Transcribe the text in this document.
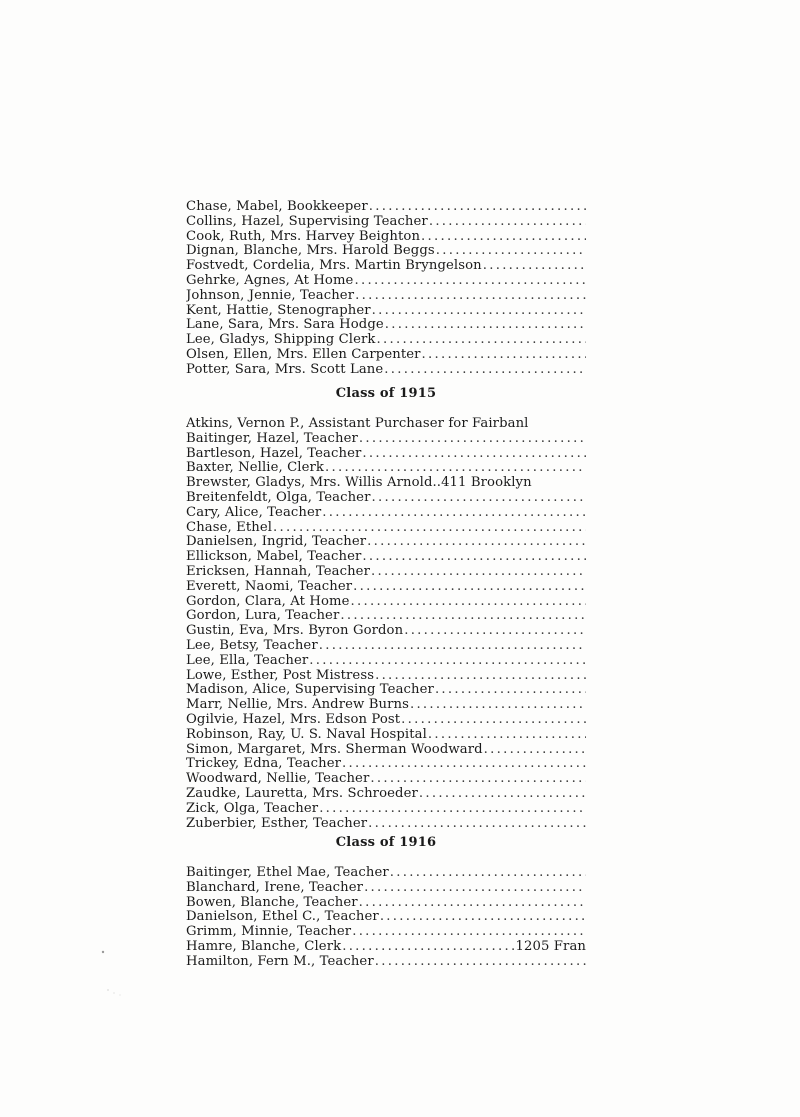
Chase, Mabel, Bookkeeper
.....
Collins, Hazel, Supervising Teacher
.....
Cook, Ruth, Mrs. Harvey Beighton
.....
Dignan, Blanche, Mrs. Harold Beggs
.....
Fostvedt, Cordelia, Mrs. Martin Bryngelson
.....
Gehrke, Agnes, At Home
.....
Johnson, Jennie, Teacher
.....
Kent, Hattie, Stenographer
.....
Lane, Sara, Mrs. Sara Hodge
.....
Lee, Gladys, Shipping Clerk
.....
Olsen, Ellen, Mrs. Ellen Carpenter
.....
Potter, Sara, Mrs. Scott Lane
.....
Class of 1915
Atkins, Vernon P., Assistant Purchaser for Fairbanl
Baitinger, Hazel, Teacher
.....
Bartleson, Hazel, Teacher
.....
Baxter, Nellie, Clerk
.....
Brewster, Gladys, Mrs. Willis Arnold..411 Brooklyn
Breitenfeldt, Olga, Teacher
.....
Cary, Alice, Teacher
.....
Chase, Ethel
.....
Danielsen, Ingrid, Teacher
.....
Ellickson, Mabel, Teacher
.....
Ericksen, Hannah, Teacher
.....
Everett, Naomi, Teacher
.....
Gordon, Clara, At Home
.....
Gordon, Lura, Teacher
.....
Gustin, Eva, Mrs. Byron Gordon
.....
Lee, Betsy, Teacher
.....
Lee, Ella, Teacher
.....
Lowe, Esther, Post Mistress
.....
Madison, Alice, Supervising Teacher
.....
Marr, Nellie, Mrs. Andrew Burns
.....
Ogilvie, Hazel, Mrs. Edson Post
.....
Robinson, Ray, U. S. Naval Hospital
.....
Simon, Margaret, Mrs. Sherman Woodward
.....
Trickey, Edna, Teacher
.....
Woodward, Nellie, Teacher
.....
Zaudke, Lauretta, Mrs. Schroeder
.....
Zick, Olga, Teacher
.....
Zuberbier, Esther, Teacher
.....
Class of 1916
Baitinger, Ethel Mae, Teacher
.....
Blanchard, Irene, Teacher
.....
Bowen, Blanche, Teacher
.....
Danielson, Ethel C., Teacher
.....
Grimm, Minnie, Teacher
.....
Hamre, Blanche, Clerk
.....	1205 Fran
Hamilton, Fern M., Teacher
.....
